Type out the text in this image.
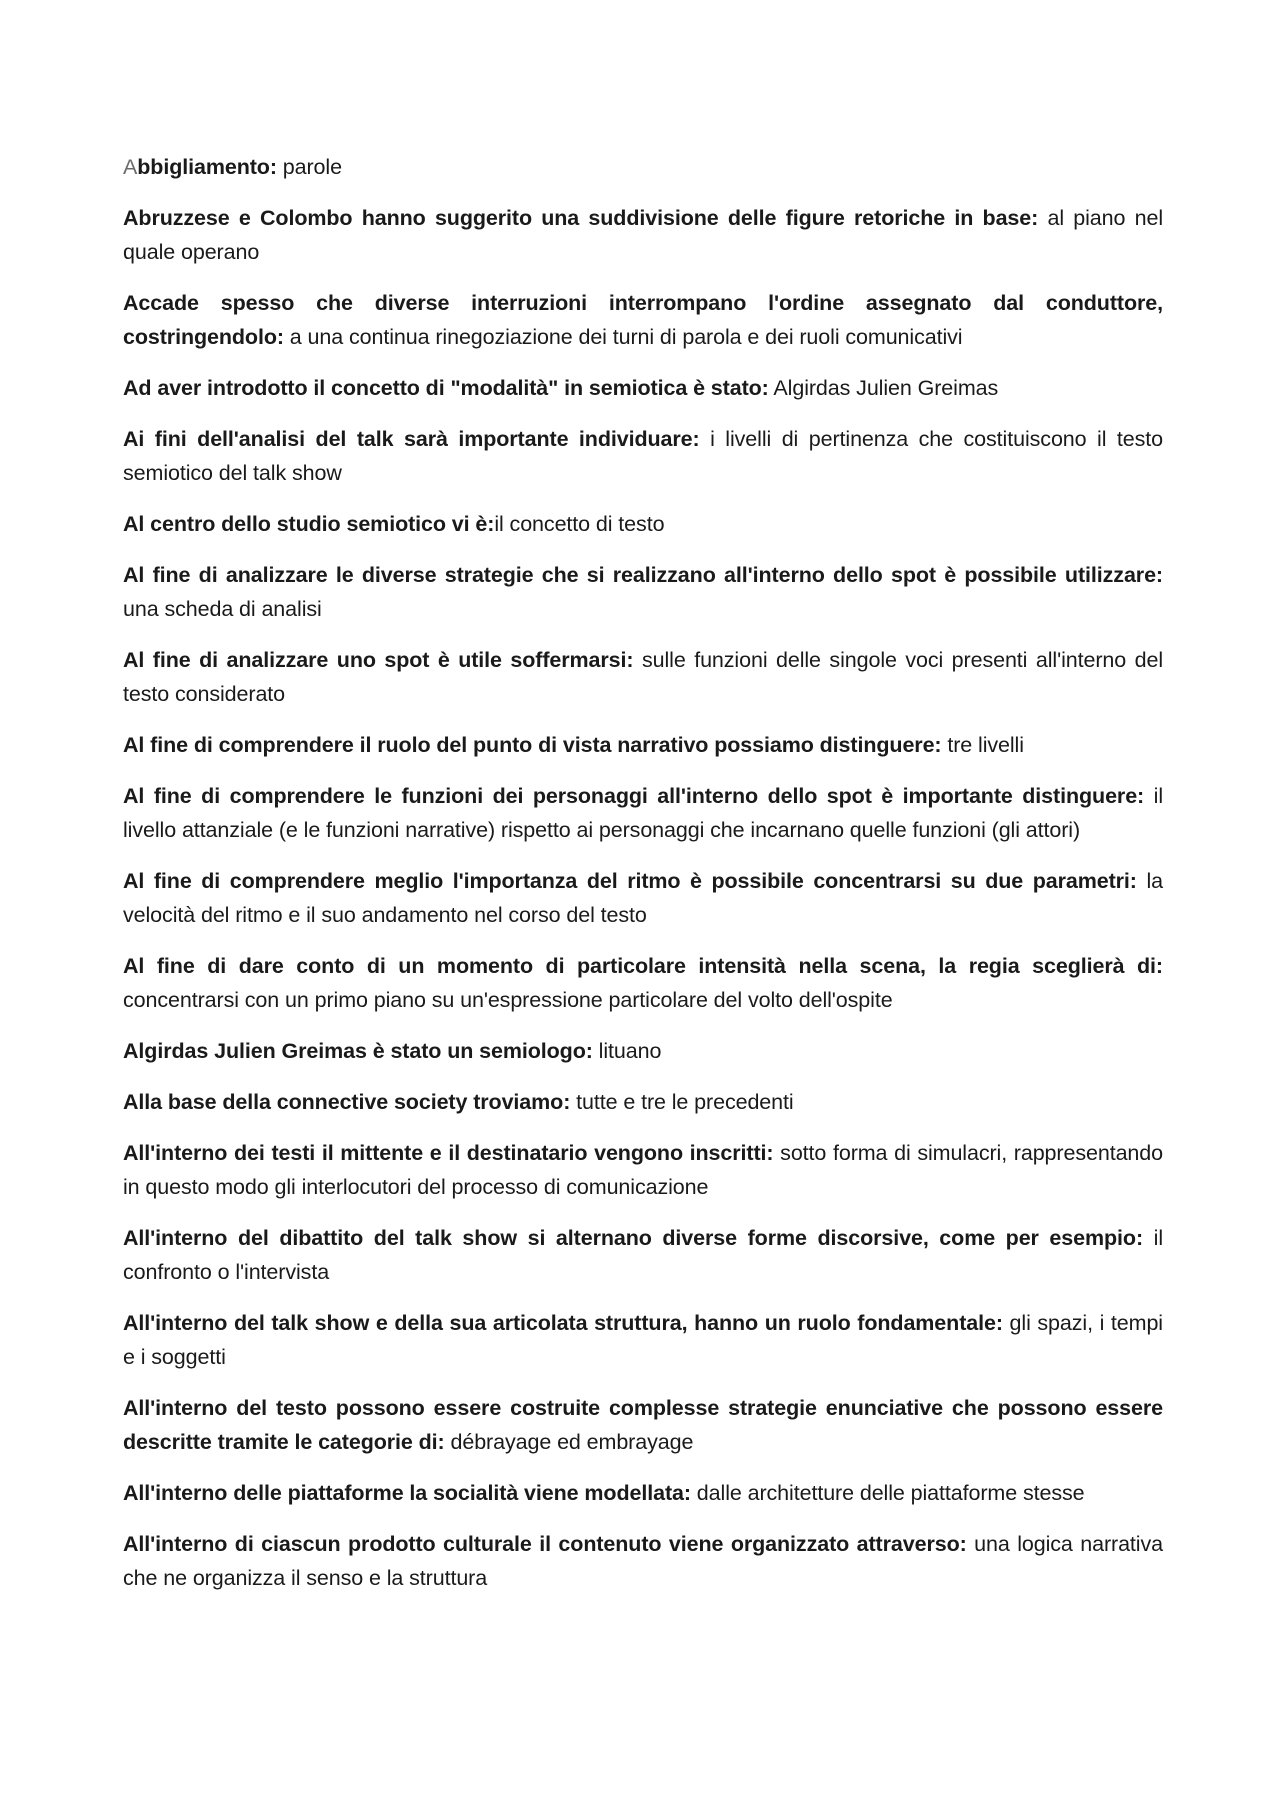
Abbigliamento: parole

Abruzzese e Colombo hanno suggerito una suddivisione delle figure retoriche in base: al piano nel quale operano

Accade spesso che diverse interruzioni interrompano l'ordine assegnato dal conduttore, costringendolo: a una continua rinegoziazione dei turni di parola e dei ruoli comunicativi

Ad aver introdotto il concetto di "modalità" in semiotica è stato: Algirdas Julien Greimas

Ai fini dell'analisi del talk sarà importante individuare: i livelli di pertinenza che costituiscono il testo semiotico del talk show

Al centro dello studio semiotico vi è:il concetto di testo

Al fine di analizzare le diverse strategie che si realizzano all'interno dello spot è possibile utilizzare: una scheda di analisi

Al fine di analizzare uno spot è utile soffermarsi: sulle funzioni delle singole voci presenti all'interno del testo considerato

Al fine di comprendere il ruolo del punto di vista narrativo possiamo distinguere: tre livelli

Al fine di comprendere le funzioni dei personaggi all'interno dello spot è importante distinguere: il livello attanziale (e le funzioni narrative) rispetto ai personaggi che incarnano quelle funzioni (gli attori)

Al fine di comprendere meglio l'importanza del ritmo è possibile concentrarsi su due parametri: la velocità del ritmo e il suo andamento nel corso del testo

Al fine di dare conto di un momento di particolare intensità nella scena, la regia sceglierà di: concentrarsi con un primo piano su un'espressione particolare del volto dell'ospite

Algirdas Julien Greimas è stato un semiologo: lituano

Alla base della connective society troviamo: tutte e tre le precedenti

All'interno dei testi il mittente e il destinatario vengono inscritti: sotto forma di simulacri, rappresentando in questo modo gli interlocutori del processo di comunicazione

All'interno del dibattito del talk show si alternano diverse forme discorsive, come per esempio: il confronto o l'intervista

All'interno del talk show e della sua articolata struttura, hanno un ruolo fondamentale: gli spazi, i tempi e i soggetti

All'interno del testo possono essere costruite complesse strategie enunciative che possono essere descritte tramite le categorie di: débrayage ed embrayage

All'interno delle piattaforme la socialità viene modellata: dalle architetture delle piattaforme stesse

All'interno di ciascun prodotto culturale il contenuto viene organizzato attraverso: una logica narrativa che ne organizza il senso e la struttura
